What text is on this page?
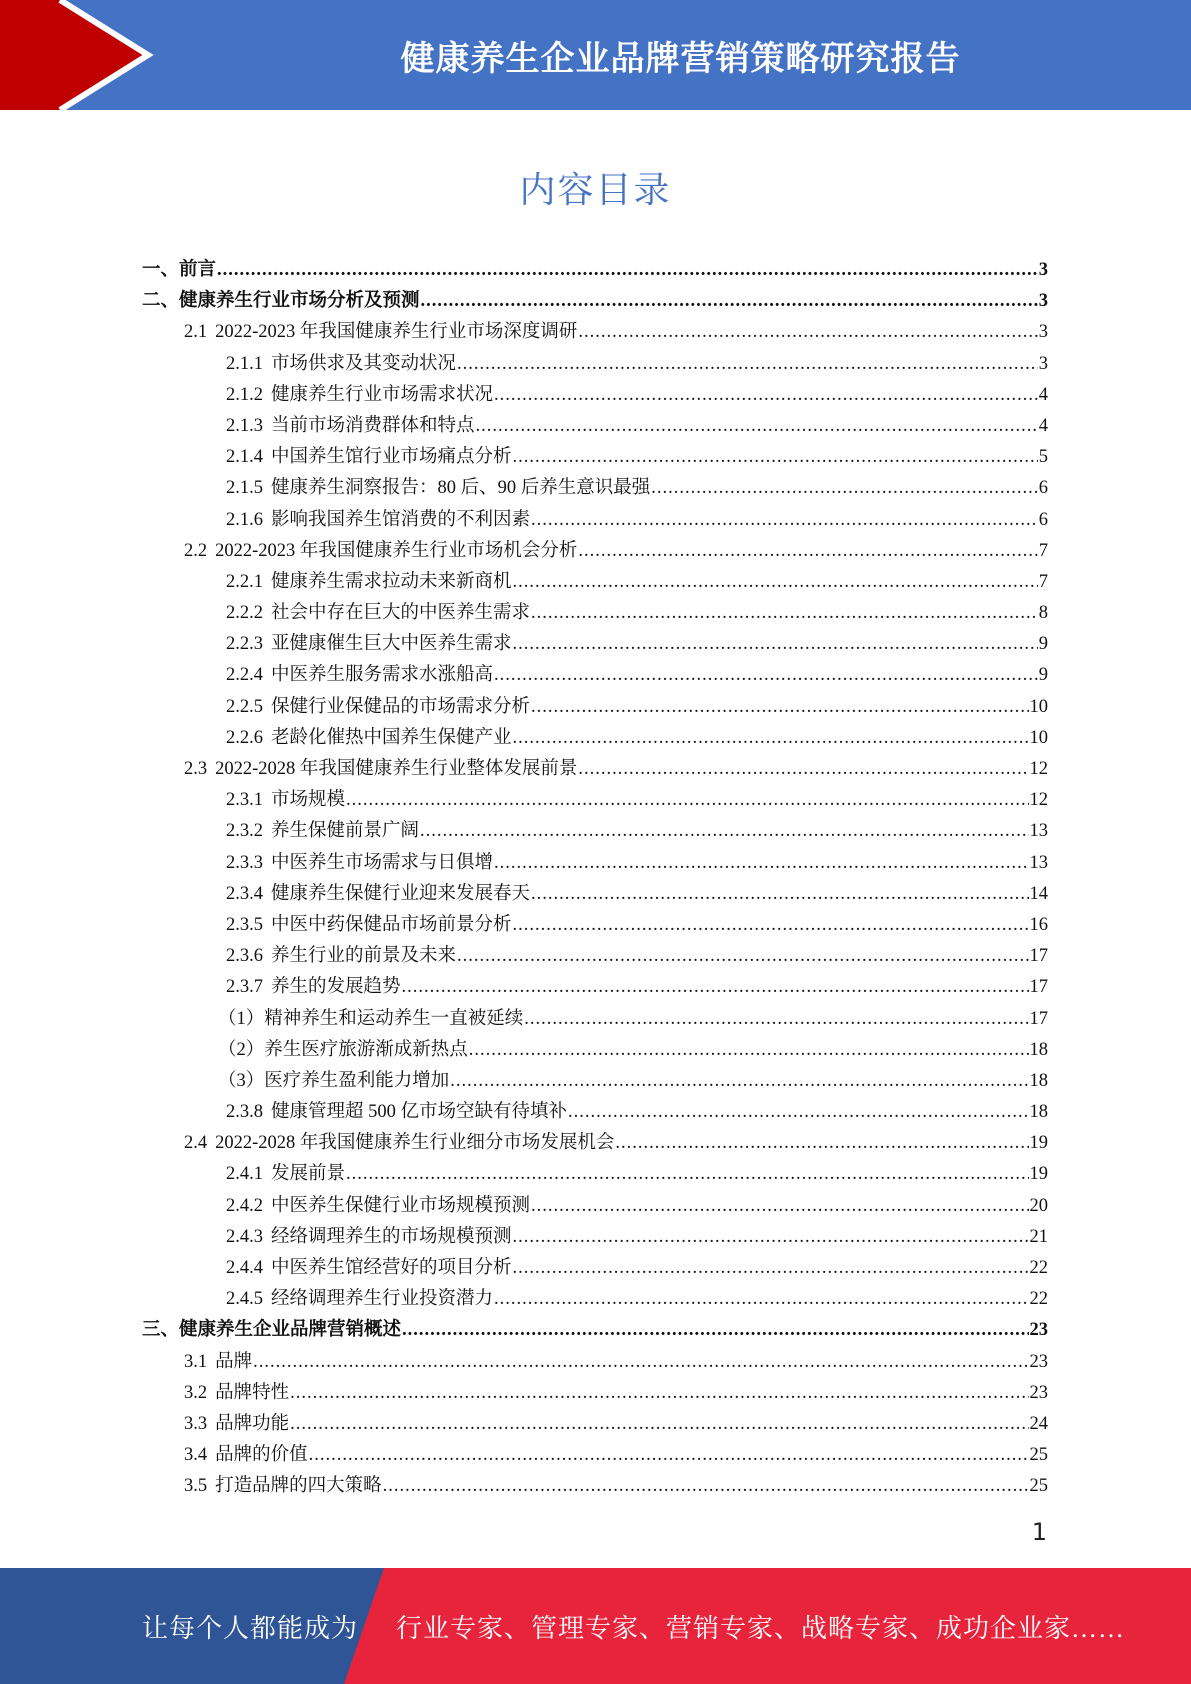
健康养生企业品牌营销策略研究报告
内容目录
一、前言 .....	3
二、健康养生行业市场分析及预测 .....	3
2.1 2022-2023 年我国健康养生行业市场深度调研 .....	3
2.1.1 市场供求及其变动状况 .....	3
2.1.2 健康养生行业市场需求状况 .....	4
2.1.3 当前市场消费群体和特点 .....	4
2.1.4 中国养生馆行业市场痛点分析 .....	5
2.1.5 健康养生洞察报告：80 后、90 后养生意识最强 .....	6
2.1.6 影响我国养生馆消费的不利因素 .....	6
2.2 2022-2023 年我国健康养生行业市场机会分析 .....	7
2.2.1 健康养生需求拉动未来新商机 .....	7
2.2.2 社会中存在巨大的中医养生需求 .....	8
2.2.3 亚健康催生巨大中医养生需求 .....	9
2.2.4 中医养生服务需求水涨船高 .....	9
2.2.5 保健行业保健品的市场需求分析 .....	10
2.2.6 老龄化催热中国养生保健产业 .....	10
2.3 2022-2028 年我国健康养生行业整体发展前景 .....	12
2.3.1 市场规模 .....	12
2.3.2 养生保健前景广阔 .....	13
2.3.3 中医养生市场需求与日俱增 .....	13
2.3.4 健康养生保健行业迎来发展春天 .....	14
2.3.5 中医中药保健品市场前景分析 .....	16
2.3.6 养生行业的前景及未来 .....	17
2.3.7 养生的发展趋势 .....	17
（1）精神养生和运动养生一直被延续 .....	17
（2）养生医疗旅游渐成新热点 .....	18
（3）医疗养生盈利能力增加 .....	18
2.3.8 健康管理超 500 亿市场空缺有待填补 .....	18
2.4 2022-2028 年我国健康养生行业细分市场发展机会 .....	19
2.4.1 发展前景 .....	19
2.4.2 中医养生保健行业市场规模预测 .....	20
2.4.3 经络调理养生的市场规模预测 .....	21
2.4.4 中医养生馆经营好的项目分析 .....	22
2.4.5 经络调理养生行业投资潜力 .....	22
三、健康养生企业品牌营销概述 .....	23
3.1 品牌 .....	23
3.2 品牌特性 .....	23
3.3 品牌功能 .....	24
3.4 品牌的价值 .....	25
3.5 打造品牌的四大策略 .....	25
1
让每个人都能成为 行业专家、管理专家、营销专家、战略专家、成功企业家……
